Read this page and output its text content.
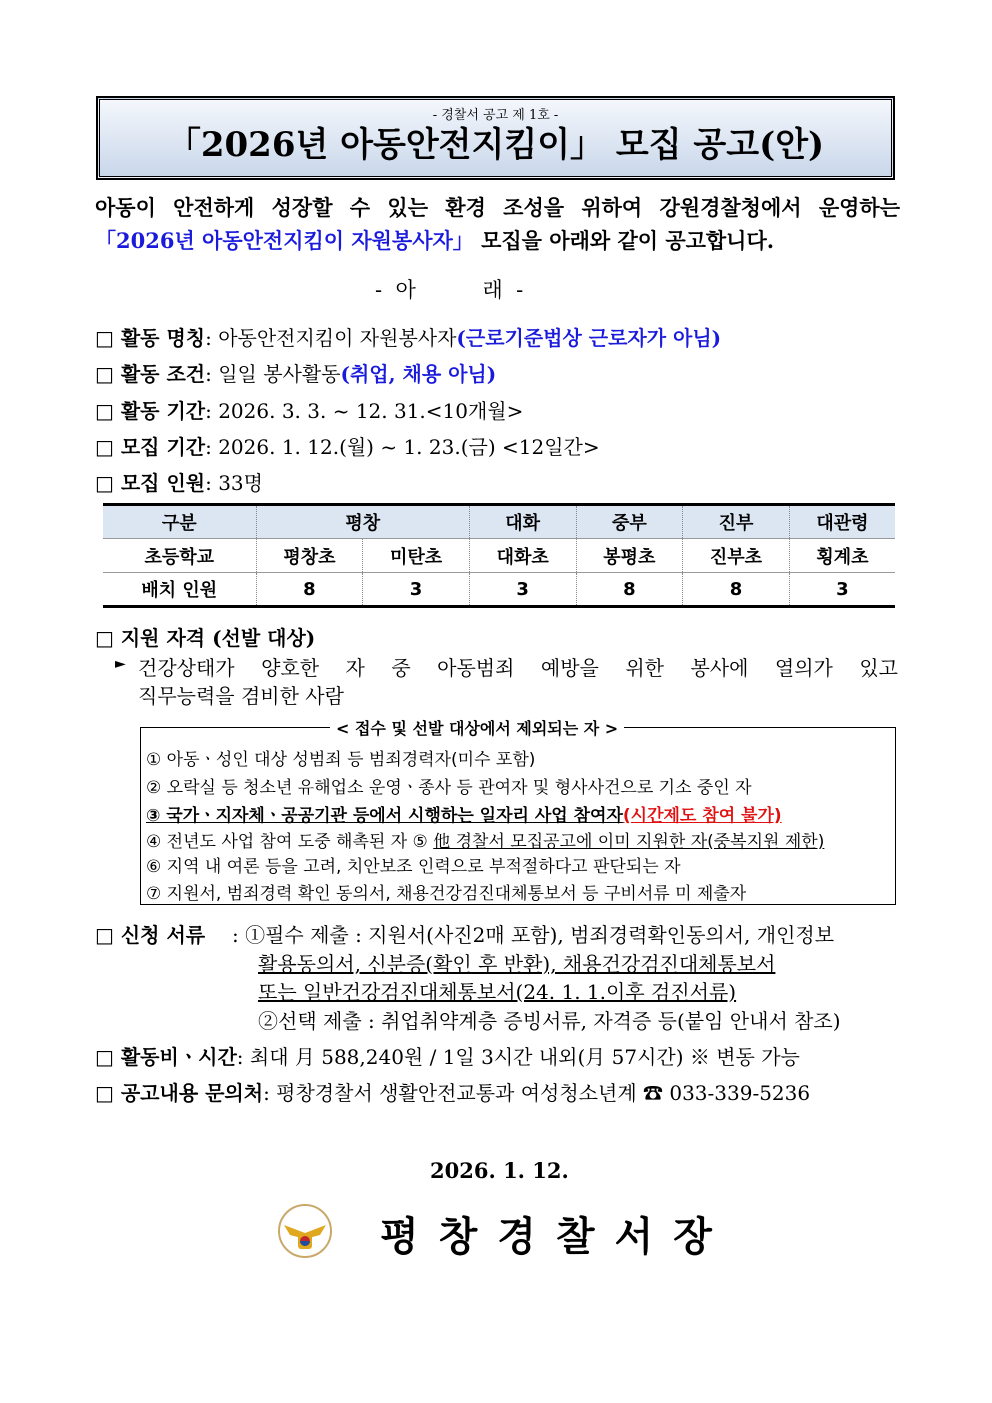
- 경찰서 공고 제 1호 -
「2026년 아동안전지킴이」 모집 공고(안)
아동이 안전하게 성장할 수 있는 환경 조성을 위하여 강원경찰청에서 운영하는
「2026년 아동안전지킴이 자원봉사자」 모집을 아래와 같이 공고합니다.
-  아          래  -
□ 활동 명칭: 아동안전지킴이 자원봉사자(근로기준법상 근로자가 아님)
□ 활동 조건: 일일 봉사활동(취업, 채용 아님)
□ 활동 기간: 2026. 3. 3. ~ 12. 31.<10개월>
□ 모집 기간: 2026. 1. 12.(월) ~ 1. 23.(금) <12일간>
□ 모집 인원: 33명
구분	평창		대화	중부	진부	대관령
초등학교	평창초	미탄초	대화초	봉평초	진부초	횡계초
배치 인원	8	3	3	8	8	3
□ 지원 자격 (선발 대상)
► 건강상태가 양호한 자 중 아동범죄 예방을 위한 봉사에 열의가 있고
직무능력을 겸비한 사람
< 접수 및 선발 대상에서 제외되는 자 >
① 아동ㆍ성인 대상 성범죄 등 범죄경력자(미수 포함)
② 오락실 등 청소년 유해업소 운영ㆍ종사 등 관여자 및 형사사건으로 기소 중인 자
③ 국가ㆍ지자체ㆍ공공기관 등에서 시행하는 일자리 사업 참여자(시간제도 참여 불가)
④ 전년도 사업 참여 도중 해촉된 자 ⑤ 他 경찰서 모집공고에 이미 지원한 자(중복지원 제한)
⑥ 지역 내 여론 등을 고려, 치안보조 인력으로 부적절하다고 판단되는 자
⑦ 지원서, 범죄경력 확인 동의서, 채용건강검진대체통보서 등 구비서류 미 제출자
□ 신청 서류 : ①필수 제출 : 지원서(사진2매 포함), 범죄경력확인동의서, 개인정보
활용동의서, 신분증(확인 후 반환), 채용건강검진대체통보서
또는 일반건강검진대체통보서(24. 1. 1.이후 검진서류)
②선택 제출 : 취업취약계층 증빙서류, 자격증 등(붙임 안내서 참조)
□ 활동비ㆍ시간: 최대 月 588,240원 / 1일 3시간 내외(月 57시간) ※ 변동 가능
□ 공고내용 문의처: 평창경찰서 생활안전교통과 여성청소년계 ☎ 033-339-5236
2026. 1. 12.
평창경찰서장
